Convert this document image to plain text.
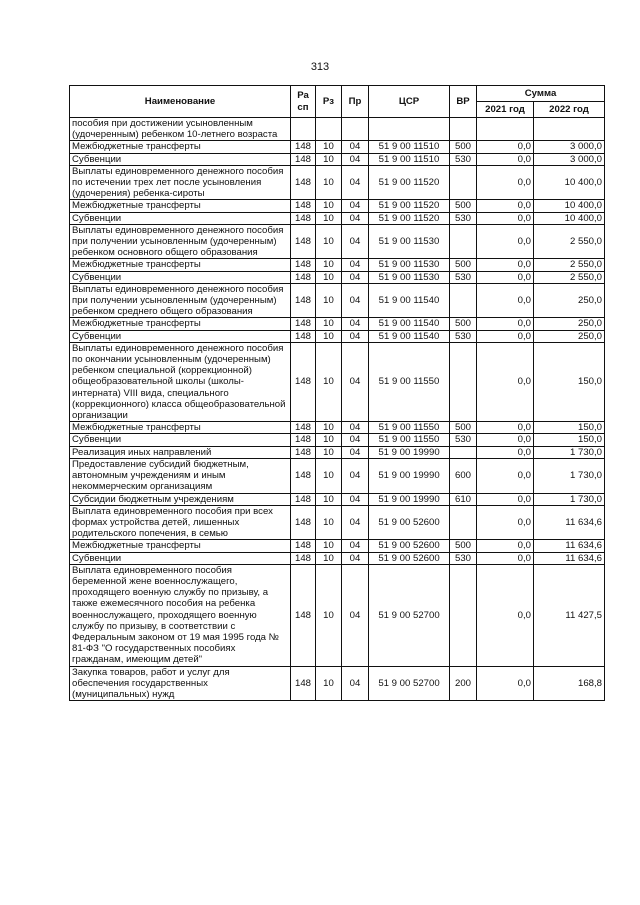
313
Наименование	Ра сп	Рз	Пр	ЦСР	ВР	Сумма	
						2021 год	2022 год
пособия при достижении усыновленным (удочеренным) ребенком 10-летнего возраста							
Межбюджетные трансферты	148	10	04	51 9 00 11510	500	0,0	3 000,0
Субвенции	148	10	04	51 9 00 11510	530	0,0	3 000,0
Выплаты единовременного денежного пособия по истечении трех лет после усыновления (удочерения) ребенка-сироты	148	10	04	51 9 00 11520		0,0	10 400,0
Межбюджетные трансферты	148	10	04	51 9 00 11520	500	0,0	10 400,0
Субвенции	148	10	04	51 9 00 11520	530	0,0	10 400,0
Выплаты единовременного денежного пособия при получении усыновленным (удочеренным) ребенком основного общего образования	148	10	04	51 9 00 11530		0,0	2 550,0
Межбюджетные трансферты	148	10	04	51 9 00 11530	500	0,0	2 550,0
Субвенции	148	10	04	51 9 00 11530	530	0,0	2 550,0
Выплаты единовременного денежного пособия при получении усыновленным (удочеренным) ребенком среднего общего образования	148	10	04	51 9 00 11540		0,0	250,0
Межбюджетные трансферты	148	10	04	51 9 00 11540	500	0,0	250,0
Субвенции	148	10	04	51 9 00 11540	530	0,0	250,0
Выплаты единовременного денежного пособия по окончании усыновленным (удочеренным) ребенком специальной (коррекционной) общеобразовательной школы (школы-интерната) VIII вида, специального (коррекционного) класса общеобразовательной организации	148	10	04	51 9 00 11550		0,0	150,0
Межбюджетные трансферты	148	10	04	51 9 00 11550	500	0,0	150,0
Субвенции	148	10	04	51 9 00 11550	530	0,0	150,0
Реализация иных направлений	148	10	04	51 9 00 19990		0,0	1 730,0
Предоставление субсидий бюджетным, автономным учреждениям и иным некоммерческим организациям	148	10	04	51 9 00 19990	600	0,0	1 730,0
Субсидии бюджетным учреждениям	148	10	04	51 9 00 19990	610	0,0	1 730,0
Выплата единовременного пособия при всех формах устройства детей, лишенных родительского попечения, в семью	148	10	04	51 9 00 52600		0,0	11 634,6
Межбюджетные трансферты	148	10	04	51 9 00 52600	500	0,0	11 634,6
Субвенции	148	10	04	51 9 00 52600	530	0,0	11 634,6
Выплата единовременного пособия беременной жене военнослужащего, проходящего военную службу по призыву, а также ежемесячного пособия на ребенка военнослужащего, проходящего военную службу по призыву, в соответствии с Федеральным законом от 19 мая 1995 года № 81-ФЗ "О государственных пособиях гражданам, имеющим детей"	148	10	04	51 9 00 52700		0,0	11 427,5
Закупка товаров, работ и услуг для обеспечения государственных (муниципальных) нужд	148	10	04	51 9 00 52700	200	0,0	168,8
